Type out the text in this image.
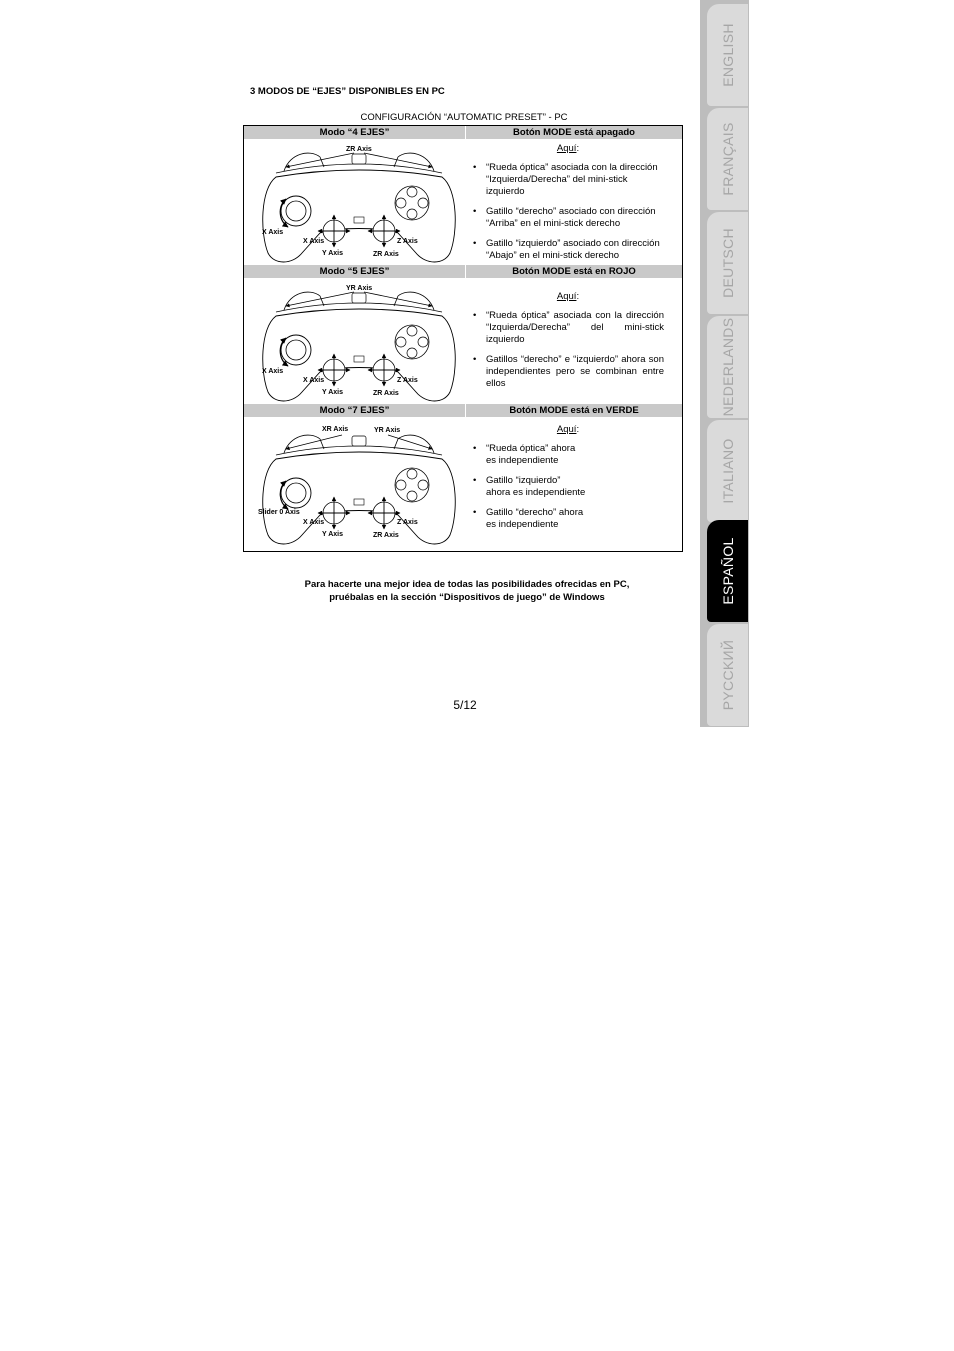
3 MODOS DE “EJES” DISPONIBLES EN PC

CONFIGURACIÓN “AUTOMATIC PRESET” - PC
Modo “4 EJES”	Botón MODE está apagado
ZR Axis
X Axis
X Axis
Y Axis
Z Axis
ZR Axis
Aquí:
• “Rueda óptica” asociada con la dirección “Izquierda/Derecha” del mini-stick izquierdo
• Gatillo “derecho” asociado con dirección “Arriba” en el mini-stick derecho
• Gatillo “izquierdo” asociado con dirección “Abajo” en el mini-stick derecho
Modo “5 EJES”	Botón MODE está en ROJO
YR Axis
X Axis
X Axis
Y Axis
Z Axis
ZR Axis
Aquí:
• “Rueda óptica” asociada con la dirección “Izquierda/Derecha” del mini-stick izquierdo
• Gatillos “derecho” e “izquierdo” ahora son independientes pero se combinan entre ellos
Modo “7 EJES”	Botón MODE está en VERDE
XR Axis	YR Axis
Slider 0 Axis
X Axis
Y Axis
Z Axis
ZR Axis
Aquí:
• “Rueda óptica” ahora es independiente
• Gatillo “izquierdo” ahora es independiente
• Gatillo “derecho” ahora es independiente
Para hacerte una mejor idea de todas las posibilidades ofrecidas en PC,
pruébalas en la sección “Dispositivos de juego” de Windows
5/12
ENGLISH
FRANÇAIS
DEUTSCH
NEDERLANDS
ITALIANO
ESPAÑOL
PYCCKИЙ
